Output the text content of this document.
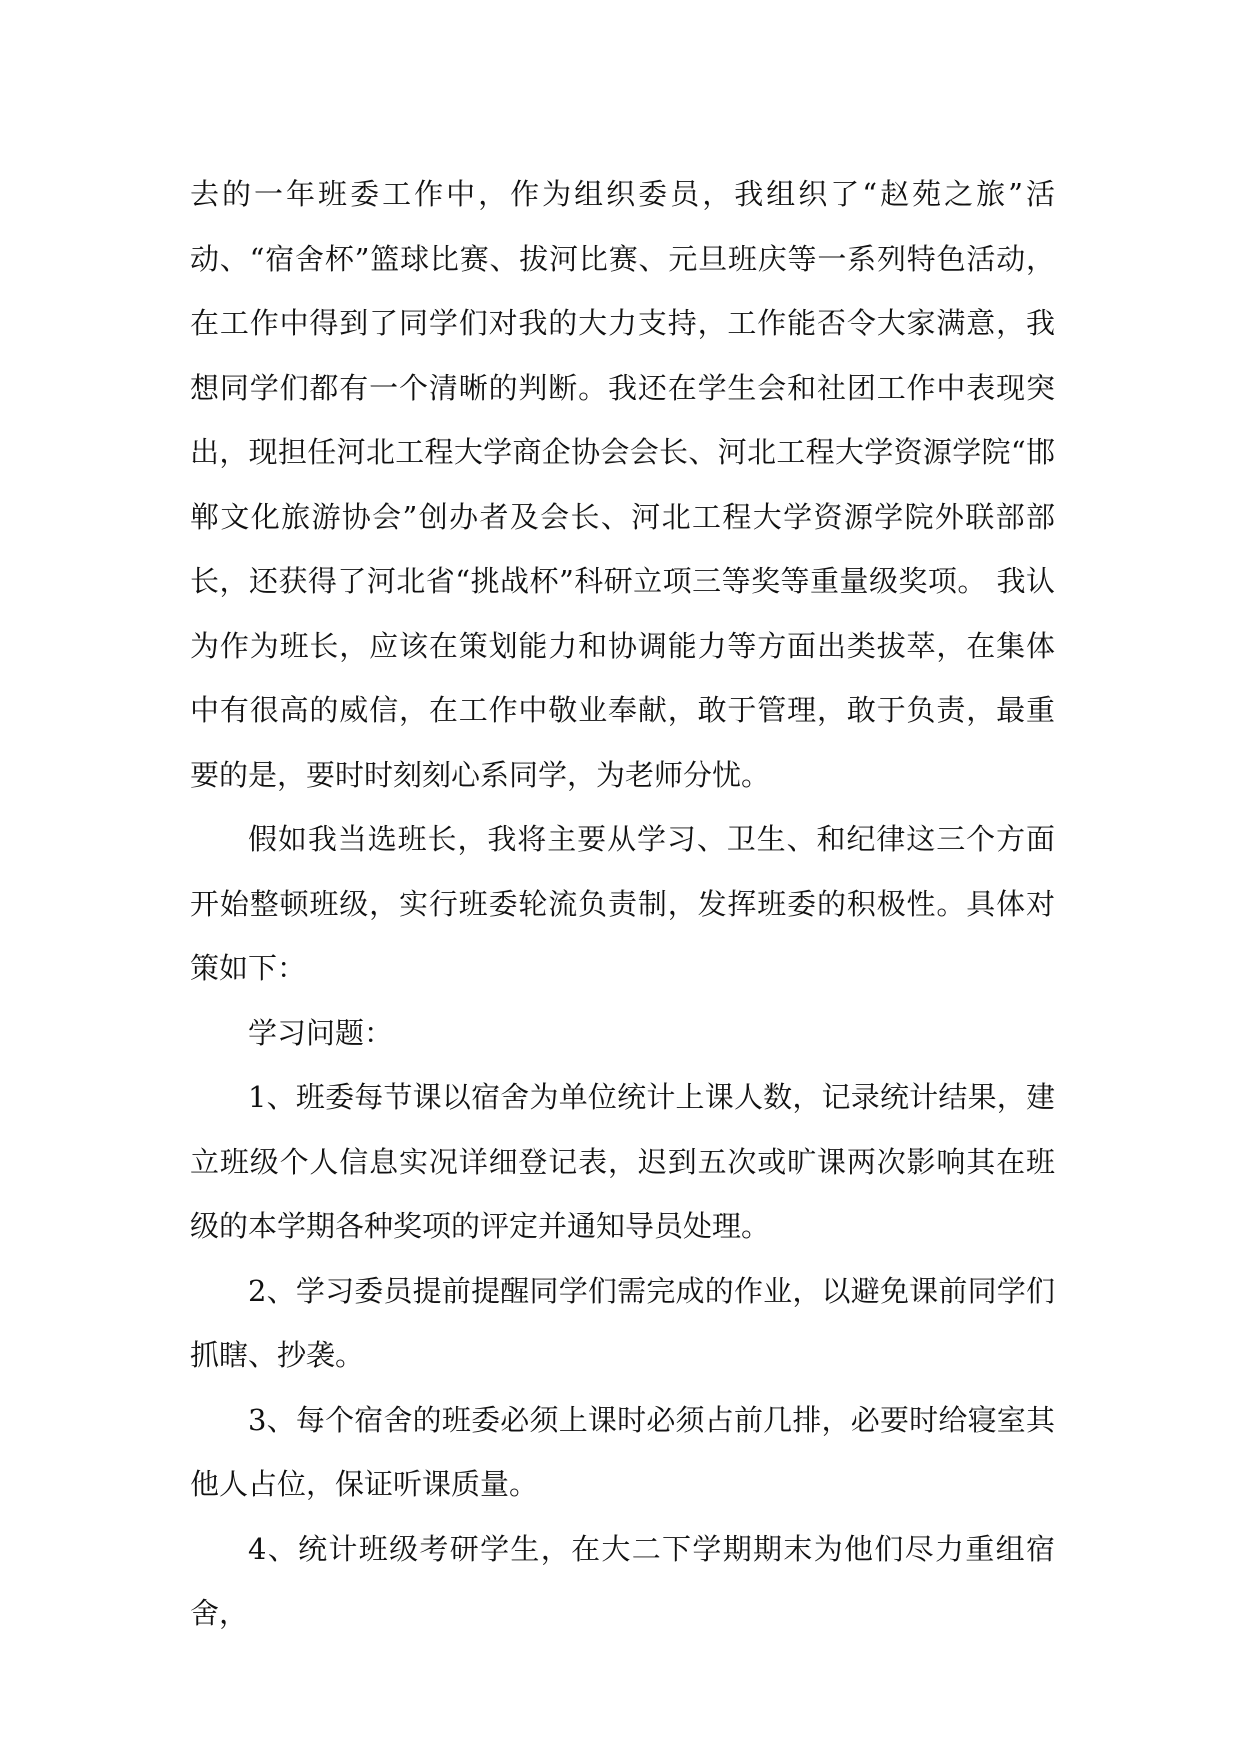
去的一年班委工作中，作为组织委员，我组织了“赵苑之旅”活动、“宿舍杯”篮球比赛、拔河比赛、元旦班庆等一系列特色活动，在工作中得到了同学们对我的大力支持，工作能否令大家满意，我想同学们都有一个清晰的判断。我还在学生会和社团工作中表现突出，现担任河北工程大学商企协会会长、河北工程大学资源学院“邯郸文化旅游协会”创办者及会长、河北工程大学资源学院外联部部长，还获得了河北省“挑战杯”科研立项三等奖等重量级奖项。 我认为作为班长，应该在策划能力和协调能力等方面出类拔萃，在集体中有很高的威信，在工作中敬业奉献，敢于管理，敢于负责，最重要的是，要时时刻刻心系同学，为老师分忧。

假如我当选班长，我将主要从学习、卫生、和纪律这三个方面开始整顿班级，实行班委轮流负责制，发挥班委的积极性。具体对策如下：

学习问题：

1、班委每节课以宿舍为单位统计上课人数，记录统计结果，建立班级个人信息实况详细登记表，迟到五次或旷课两次影响其在班级的本学期各种奖项的评定并通知导员处理。

2、学习委员提前提醒同学们需完成的作业，以避免课前同学们抓瞎、抄袭。

3、每个宿舍的班委必须上课时必须占前几排，必要时给寝室其他人占位，保证听课质量。

4、统计班级考研学生，在大二下学期期末为他们尽力重组宿舍，
